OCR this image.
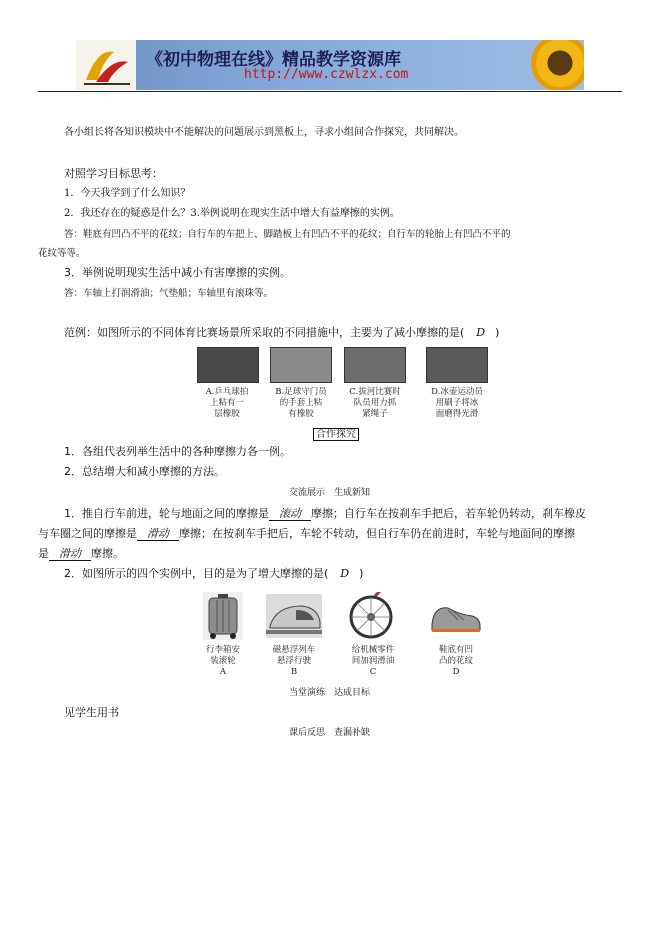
《初中物理在线》精品教学资源库
http://www.czwlzx.com
各小组长将各知识模块中不能解决的问题展示到黑板上，寻求小组间合作探究，共同解决。
对照学习目标思考：
1．今天我学到了什么知识？
2．我还存在的疑惑是什么？3.举例说明在现实生活中增大有益摩擦的实例。
答：鞋底有凹凸不平的花纹；自行车的车把上、脚踏板上有凹凸不平的花纹；自行车的轮胎上有凹凸不平的
花纹等等。
3．举例说明现实生活中减小有害摩擦的实例。
答：车轴上打润滑油；气垫船；车轴里有滚珠等。
范例：如图所示的不同体育比赛场景所采取的不同措施中，主要为了减小摩擦的是( D )
A.乒乓球拍
上粘有一
层橡胶
B.足球守门员
的手套上粘
有橡胶
C.拔河比赛时
队员用力抓
紧绳子
D.冰壶运动员
用刷子将冰
面磨得光滑
合作探究
1．各组代表列举生活中的各种摩擦力各一例。
2．总结增大和减小摩擦的方法。
交流展示　生成新知
1．推自行车前进，轮与地面之间的摩擦是 滚动 摩擦；自行车在按刹车手把后，若车轮仍转动，刹车橡皮
与车圈之间的摩擦是 滑动 摩擦；在按刹车手把后，车轮不转动，但自行车仍在前进时，车轮与地面间的摩擦
是 滑动 摩擦。
2．如图所示的四个实例中，目的是为了增大摩擦的是( D )
行李箱安
装滚轮
A
磁悬浮列车
悬浮行驶
B
给机械零件
间加润滑油
C
鞋底有凹
凸的花纹
D
当堂演练　达成目标
见学生用书
课后反思　查漏补缺
